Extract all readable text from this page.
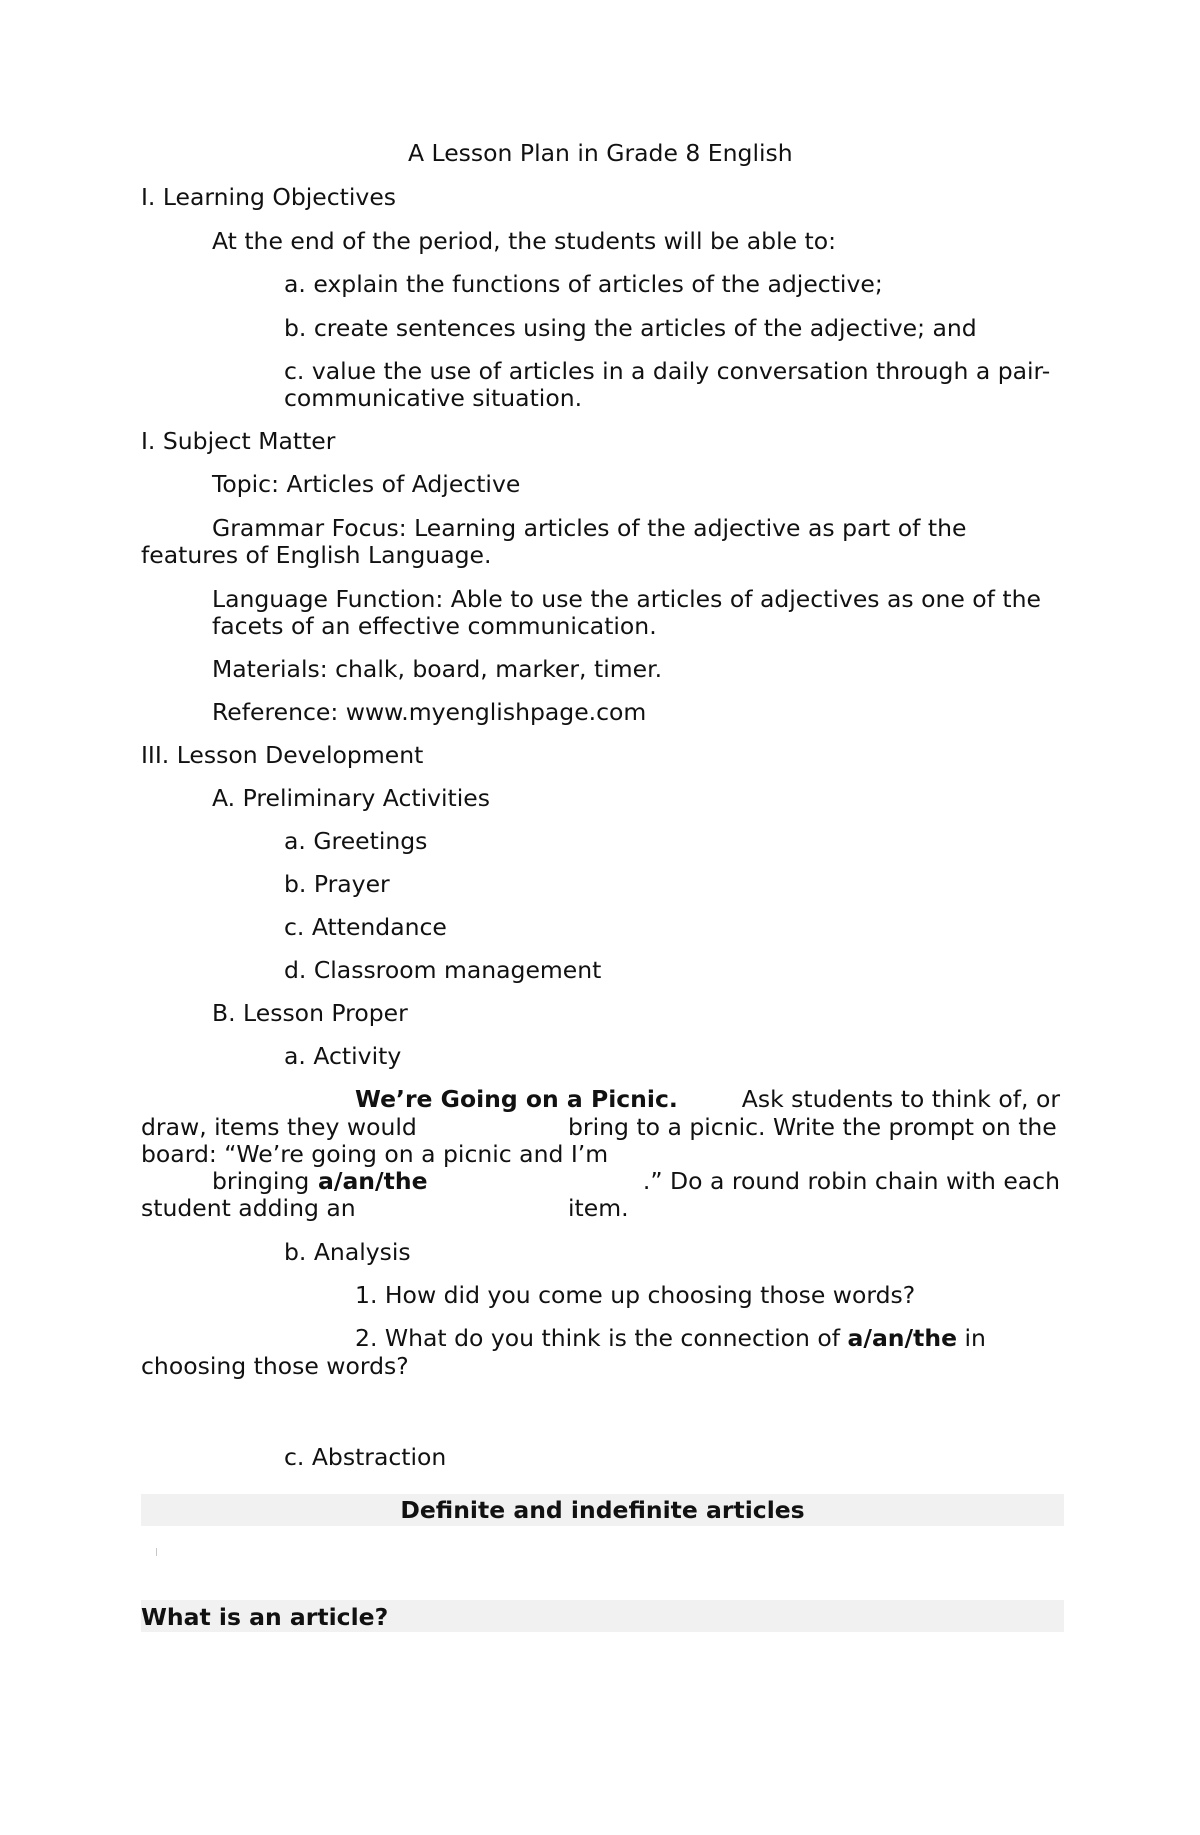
A Lesson Plan in Grade 8 English
I. Learning Objectives
At the end of the period, the students will be able to:
a. explain the functions of articles of the adjective;
b. create sentences using the articles of the adjective; and
c. value the use of articles in a daily conversation through a pair-
communicative situation.
I. Subject Matter
Topic: Articles of Adjective
Grammar Focus: Learning articles of the adjective as part of the
features of English Language.
Language Function: Able to use the articles of adjectives as one of the
facets of an effective communication.
Materials: chalk, board, marker, timer.
Reference: www.myenglishpage.com
III. Lesson Development
A. Preliminary Activities
a. Greetings
b. Prayer
c. Attendance
d. Classroom management
B. Lesson Proper
a. Activity
We’re Going on a Picnic.	Ask students to think of, or
draw, items they would	bring to a picnic. Write the prompt on the
board: “We’re going on a picnic and I’m
bringing a/an/the	.” Do a round robin chain with each
student adding an	item.
b. Analysis
1. How did you come up choosing those words?
2. What do you think is the connection of a/an/the in
choosing those words?
c. Abstraction
Definite and indefinite articles
What is an article?
